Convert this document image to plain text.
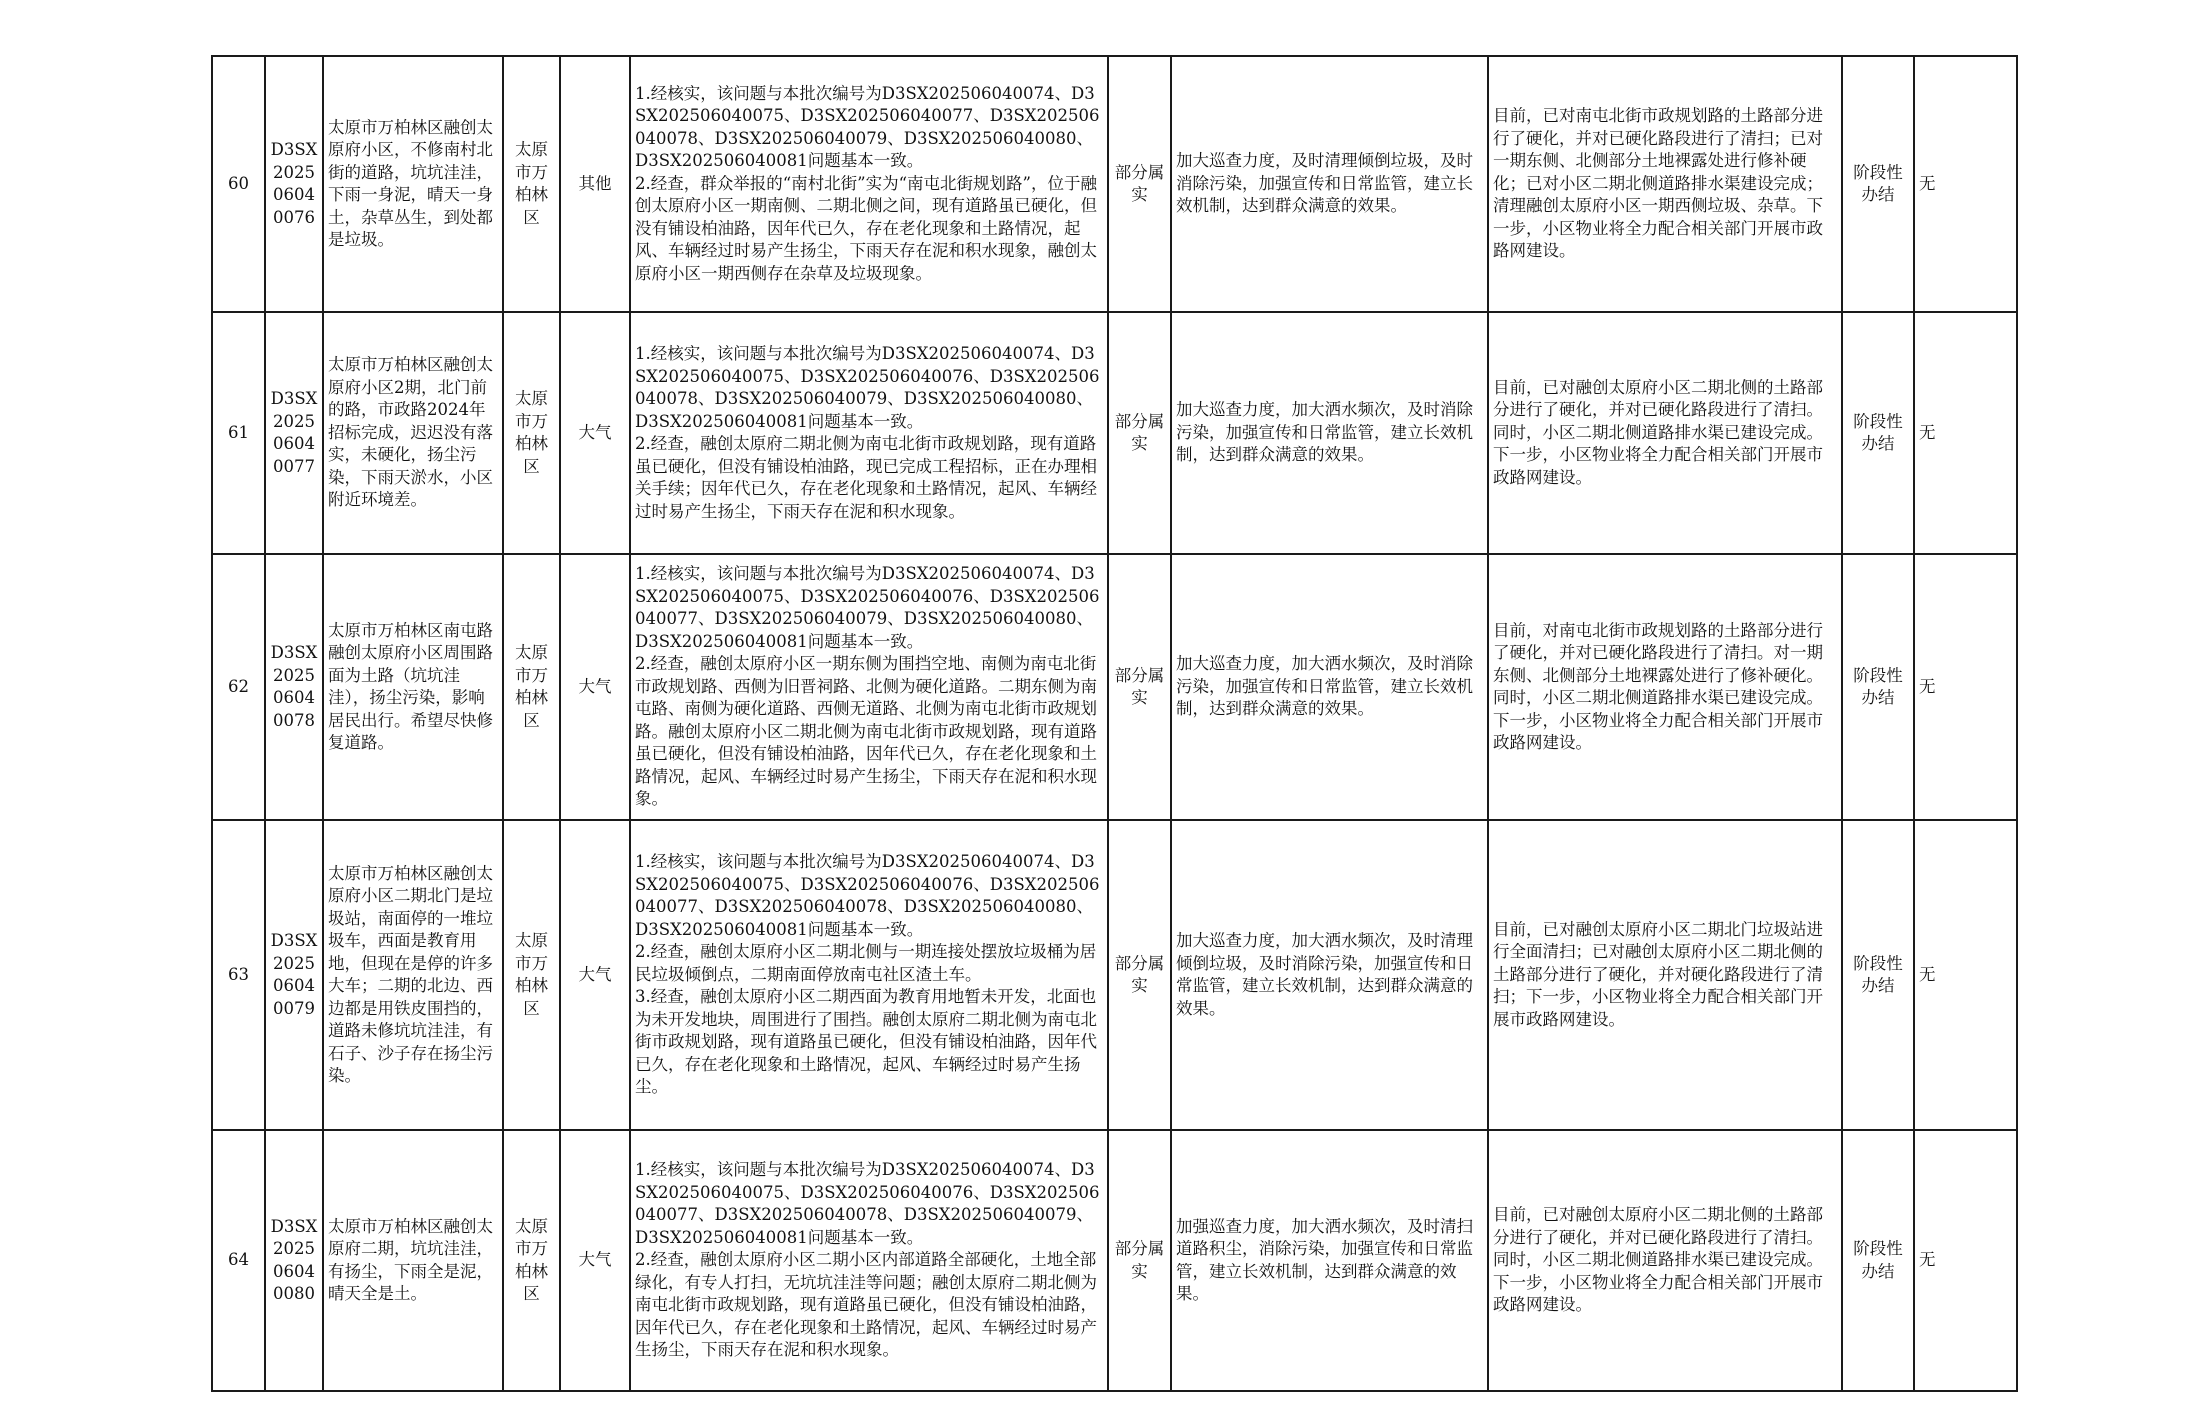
60	D3SX202506040076	太原市万柏林区融创太原府小区，不修南村北街的道路，坑坑洼洼，下雨一身泥，晴天一身土，杂草丛生，到处都是垃圾。	太原市万柏林区	其他	1.经核实，该问题与本批次编号为D3SX202506040074、D3SX202506040075、D3SX202506040077、D3SX202506040078、D3SX202506040079、D3SX202506040080、D3SX202506040081问题基本一致。
2.经查，群众举报的“南村北街”实为“南屯北街规划路”，位于融创太原府小区一期南侧、二期北侧之间，现有道路虽已硬化，但没有铺设柏油路，因年代已久，存在老化现象和土路情况，起风、车辆经过时易产生扬尘，下雨天存在泥和积水现象，融创太原府小区一期西侧存在杂草及垃圾现象。	部分属实	加大巡查力度，及时清理倾倒垃圾，及时消除污染，加强宣传和日常监管，建立长效机制，达到群众满意的效果。	目前，已对南屯北街市政规划路的土路部分进行了硬化，并对已硬化路段进行了清扫；已对一期东侧、北侧部分土地裸露处进行修补硬化；已对小区二期北侧道路排水渠建设完成；清理融创太原府小区一期西侧垃圾、杂草。下一步，小区物业将全力配合相关部门开展市政路网建设。	阶段性办结	无
61	D3SX202506040077	太原市万柏林区融创太原府小区2期，北门前的路，市政路2024年招标完成，迟迟没有落实，未硬化，扬尘污染，下雨天淤水，小区附近环境差。	太原市万柏林区	大气	1.经核实，该问题与本批次编号为D3SX202506040074、D3SX202506040075、D3SX202506040076、D3SX202506040078、D3SX202506040079、D3SX202506040080、D3SX202506040081问题基本一致。
2.经查，融创太原府二期北侧为南屯北街市政规划路，现有道路虽已硬化，但没有铺设柏油路，现已完成工程招标，正在办理相关手续；因年代已久，存在老化现象和土路情况，起风、车辆经过时易产生扬尘，下雨天存在泥和积水现象。	部分属实	加大巡查力度，加大洒水频次，及时消除污染，加强宣传和日常监管，建立长效机制，达到群众满意的效果。	目前，已对融创太原府小区二期北侧的土路部分进行了硬化，并对已硬化路段进行了清扫。同时，小区二期北侧道路排水渠已建设完成。下一步，小区物业将全力配合相关部门开展市政路网建设。	阶段性办结	无
62	D3SX202506040078	太原市万柏林区南屯路融创太原府小区周围路面为土路（坑坑洼洼），扬尘污染，影响居民出行。希望尽快修复道路。	太原市万柏林区	大气	1.经核实，该问题与本批次编号为D3SX202506040074、D3SX202506040075、D3SX202506040076、D3SX202506040077、D3SX202506040079、D3SX202506040080、D3SX202506040081问题基本一致。
2.经查，融创太原府小区一期东侧为围挡空地、南侧为南屯北街市政规划路、西侧为旧晋祠路、北侧为硬化道路。二期东侧为南屯路、南侧为硬化道路、西侧无道路、北侧为南屯北街市政规划路。融创太原府小区二期北侧为南屯北街市政规划路，现有道路虽已硬化，但没有铺设柏油路，因年代已久，存在老化现象和土路情况，起风、车辆经过时易产生扬尘，下雨天存在泥和积水现象。	部分属实	加大巡查力度，加大洒水频次，及时消除污染，加强宣传和日常监管，建立长效机制，达到群众满意的效果。	目前，对南屯北街市政规划路的土路部分进行了硬化，并对已硬化路段进行了清扫。对一期东侧、北侧部分土地裸露处进行了修补硬化。同时，小区二期北侧道路排水渠已建设完成。下一步，小区物业将全力配合相关部门开展市政路网建设。	阶段性办结	无
63	D3SX202506040079	太原市万柏林区融创太原府小区二期北门是垃圾站，南面停的一堆垃圾车，西面是教育用地，但现在是停的许多大车；二期的北边、西边都是用铁皮围挡的，道路未修坑坑洼洼，有石子、沙子存在扬尘污染。	太原市万柏林区	大气	1.经核实，该问题与本批次编号为D3SX202506040074、D3SX202506040075、D3SX202506040076、D3SX202506040077、D3SX202506040078、D3SX202506040080、D3SX202506040081问题基本一致。
2.经查，融创太原府小区二期北侧与一期连接处摆放垃圾桶为居民垃圾倾倒点，二期南面停放南屯社区渣土车。
3.经查，融创太原府小区二期西面为教育用地暂未开发，北面也为未开发地块，周围进行了围挡。融创太原府二期北侧为南屯北街市政规划路，现有道路虽已硬化，但没有铺设柏油路，因年代已久，存在老化现象和土路情况，起风、车辆经过时易产生扬尘。	部分属实	加大巡查力度，加大洒水频次，及时清理倾倒垃圾，及时消除污染，加强宣传和日常监管，建立长效机制，达到群众满意的效果。	目前，已对融创太原府小区二期北门垃圾站进行全面清扫；已对融创太原府小区二期北侧的土路部分进行了硬化，并对硬化路段进行了清扫；下一步，小区物业将全力配合相关部门开展市政路网建设。	阶段性办结	无
64	D3SX202506040080	太原市万柏林区融创太原府二期，坑坑洼洼，有扬尘，下雨全是泥，晴天全是土。	太原市万柏林区	大气	1.经核实，该问题与本批次编号为D3SX202506040074、D3SX202506040075、D3SX202506040076、D3SX202506040077、D3SX202506040078、D3SX202506040079、D3SX202506040081问题基本一致。
2.经查，融创太原府小区二期小区内部道路全部硬化，土地全部绿化，有专人打扫，无坑坑洼洼等问题；融创太原府二期北侧为南屯北街市政规划路，现有道路虽已硬化，但没有铺设柏油路，因年代已久，存在老化现象和土路情况，起风、车辆经过时易产生扬尘，下雨天存在泥和积水现象。	部分属实	加强巡查力度，加大洒水频次，及时清扫道路积尘，消除污染，加强宣传和日常监管，建立长效机制，达到群众满意的效果。	目前，已对融创太原府小区二期北侧的土路部分进行了硬化，并对已硬化路段进行了清扫。同时，小区二期北侧道路排水渠已建设完成。下一步，小区物业将全力配合相关部门开展市政路网建设。	阶段性办结	无
